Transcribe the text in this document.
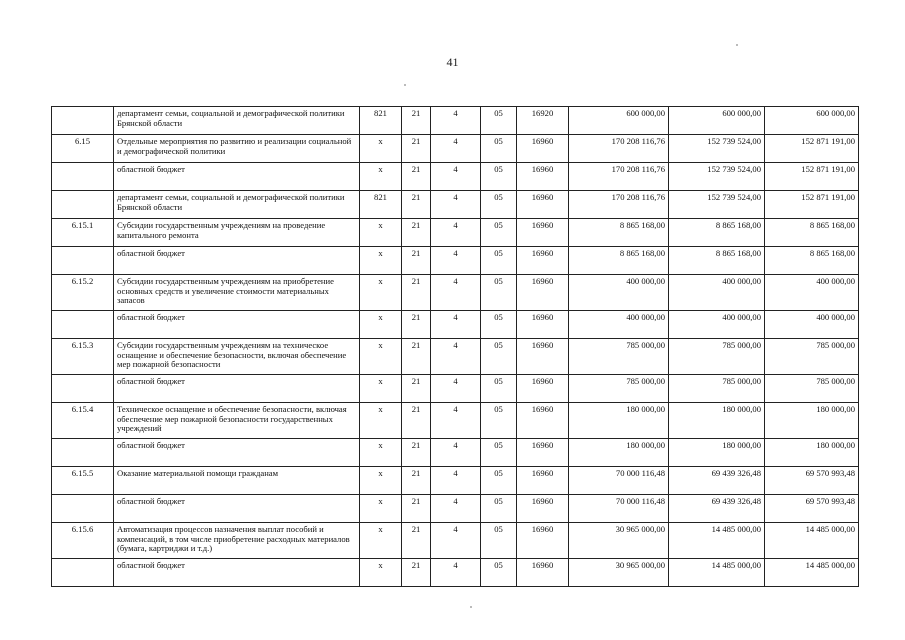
41
	департамент семьи, социальной и демографической политики Брянской области	821	21	4	05	16920	600 000,00	600 000,00	600 000,00
6.15	Отдельные мероприятия по развитию и реализации социальной и демографической политики	x	21	4	05	16960	170 208 116,76	152 739 524,00	152 871 191,00
	областной бюджет	x	21	4	05	16960	170 208 116,76	152 739 524,00	152 871 191,00
	департамент семьи, социальной и демографической политики Брянской области	821	21	4	05	16960	170 208 116,76	152 739 524,00	152 871 191,00
6.15.1	Субсидии государственным учреждениям на проведение капитального ремонта	x	21	4	05	16960	8 865 168,00	8 865 168,00	8 865 168,00
	областной бюджет	x	21	4	05	16960	8 865 168,00	8 865 168,00	8 865 168,00
6.15.2	Субсидии государственным учреждениям на приобретение основных средств и увеличение стоимости материальных запасов	x	21	4	05	16960	400 000,00	400 000,00	400 000,00
	областной бюджет	x	21	4	05	16960	400 000,00	400 000,00	400 000,00
6.15.3	Субсидии государственным учреждениям на техническое оснащение и обеспечение безопасности, включая обеспечение мер пожарной безопасности	x	21	4	05	16960	785 000,00	785 000,00	785 000,00
	областной бюджет	x	21	4	05	16960	785 000,00	785 000,00	785 000,00
6.15.4	Техническое оснащение и обеспечение безопасности, включая обеспечение мер пожарной безопасности государственных учреждений	x	21	4	05	16960	180 000,00	180 000,00	180 000,00
	областной бюджет	x	21	4	05	16960	180 000,00	180 000,00	180 000,00
6.15.5	Оказание материальной помощи гражданам	x	21	4	05	16960	70 000 116,48	69 439 326,48	69 570 993,48
	областной бюджет	x	21	4	05	16960	70 000 116,48	69 439 326,48	69 570 993,48
6.15.6	Автоматизация процессов назначения выплат пособий и компенсаций, в том числе приобретение расходных материалов (бумага, картриджи и т.д.)	x	21	4	05	16960	30 965 000,00	14 485 000,00	14 485 000,00
	областной бюджет	x	21	4	05	16960	30 965 000,00	14 485 000,00	14 485 000,00
